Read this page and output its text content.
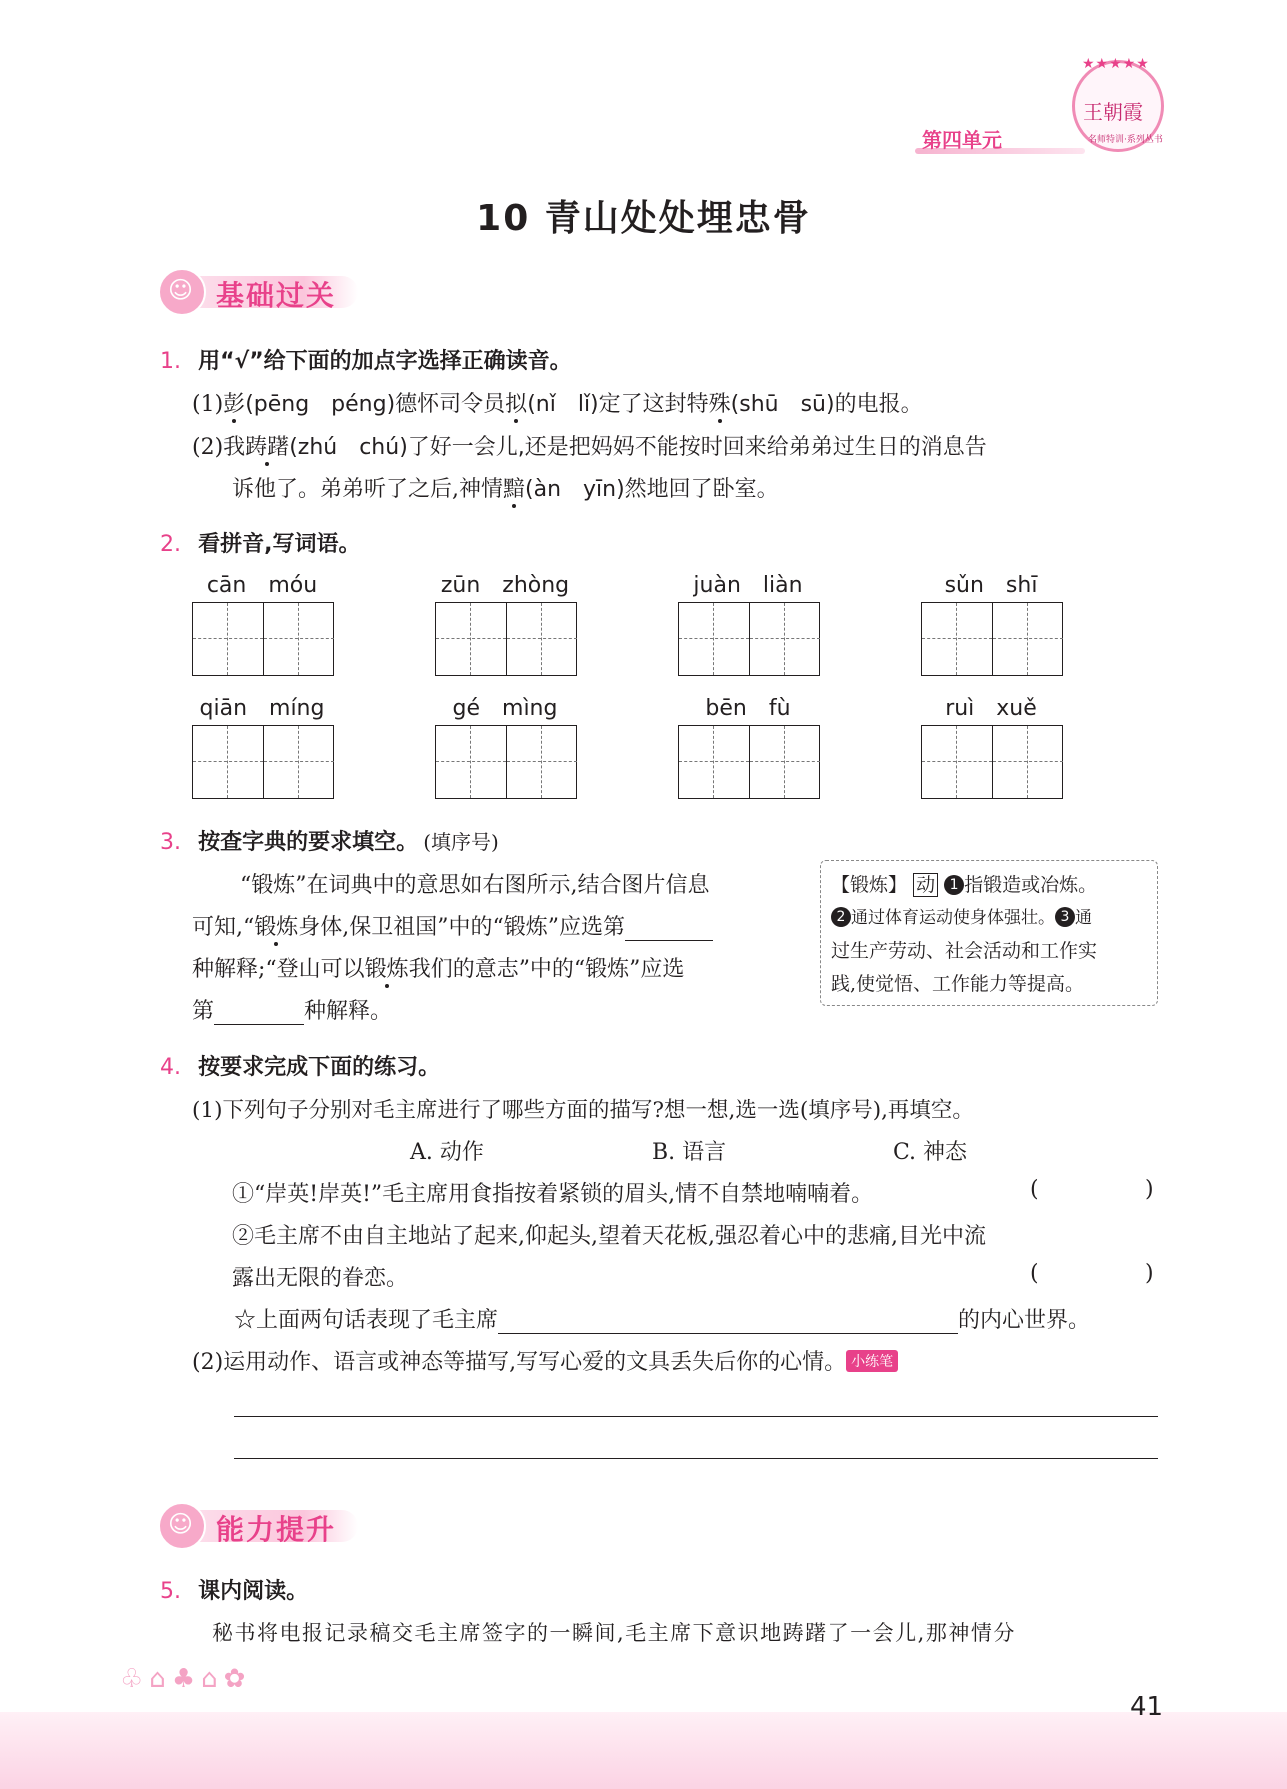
第四单元
★★★★★
王朝霞
名师特训·系列丛书
10 青山处处埋忠骨
☺ 基础过关
1. 用“√”给下面的加点字选择正确读音。
(1)彭(pēng　péng)德怀司令员拟(nǐ　lǐ)定了这封特殊(shū　sū)的电报。
(2)我踌躇(zhú　chú)了好一会儿,还是把妈妈不能按时回来给弟弟过生日的消息告
诉他了。弟弟听了之后,神情黯(àn　yīn)然地回了卧室。
2. 看拼音,写词语。
cān　móu	zūn　zhòng	juàn　liàn	sǔn　shī
qiān　míng	gé　mìng	bēn　fù	ruì　xuě
3. 按查字典的要求填空。 (填序号)
“锻炼”在词典中的意思如右图所示,结合图片信息
可知,“锻炼身体,保卫祖国”中的“锻炼”应选第
种解释;“登山可以锻炼我们的意志”中的“锻炼”应选
第	种解释。
【锻炼】 动 1 指锻造或冶炼。
2 通过体育运动使身体强壮。 3 通
过生产劳动、社会活动和工作实
践,使觉悟、工作能力等提高。
4. 按要求完成下面的练习。
(1)下列句子分别对毛主席进行了哪些方面的描写?想一想,选一选(填序号),再填空。
A. 动作	B. 语言	C. 神态
①“岸英!岸英!”毛主席用食指按着紧锁的眉头,情不自禁地喃喃着。	(	)
②毛主席不由自主地站了起来,仰起头,望着天花板,强忍着心中的悲痛,目光中流
露出无限的眷恋。	(	)
☆上面两句话表现了毛主席	的内心世界。
(2)运用动作、语言或神态等描写,写写心爱的文具丢失后你的心情。 小练笔
☺ 能力提升
5. 课内阅读。
秘书将电报记录稿交毛主席签字的一瞬间,毛主席下意识地踌躇了一会儿,那神情分
♧⌂♣⌂✿
41
